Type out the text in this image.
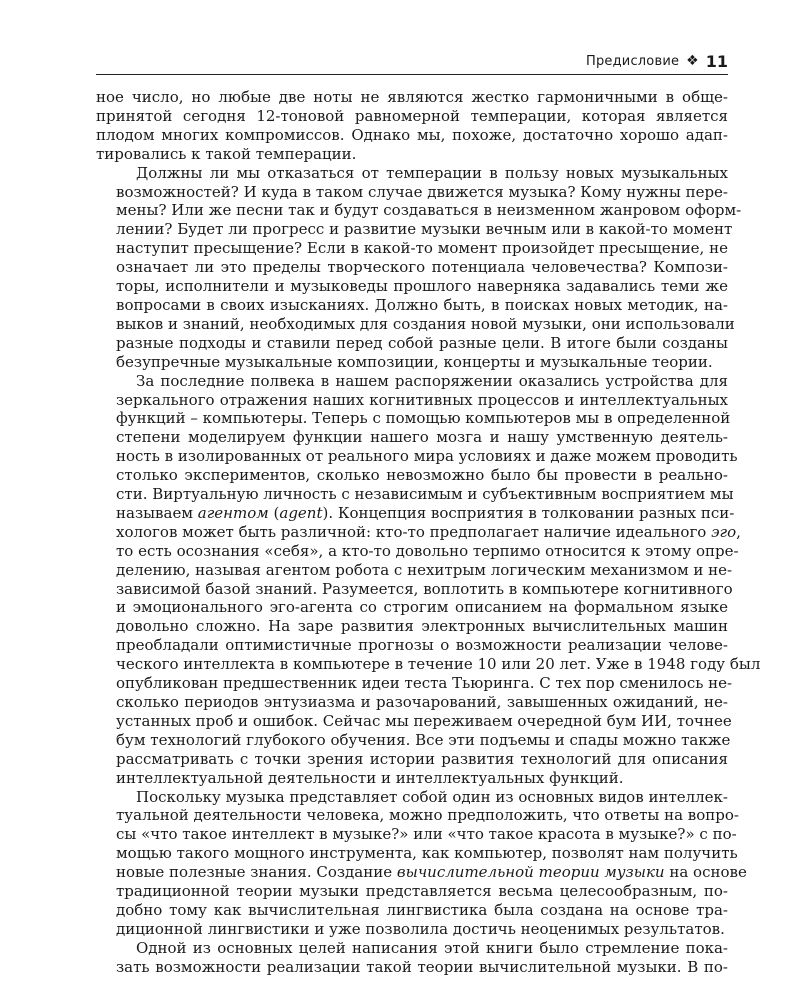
Предисловие ❖ 11

ное число, но любые две ноты не являются жестко гармоничными в обще-
принятой сегодня 12-тоновой равномерной темперации, которая является
плодом многих компромиссов. Однако мы, похоже, достаточно хорошо адап-
тировались к такой темперации.

Должны ли мы отказаться от темперации в пользу новых музыкальных
возможностей? И куда в таком случае движется музыка? Кому нужны пере-
мены? Или же песни так и будут создаваться в неизменном жанровом оформ-
лении? Будет ли прогресс и развитие музыки вечным или в какой-то момент
наступит пресыщение? Если в какой-то момент произойдет пресыщение, не
означает ли это пределы творческого потенциала человечества? Компози-
торы, исполнители и музыковеды прошлого наверняка задавались теми же
вопросами в своих изысканиях. Должно быть, в поисках новых методик, на-
выков и знаний, необходимых для создания новой музыки, они использовали
разные подходы и ставили перед собой разные цели. В итоге были созданы
безупречные музыкальные композиции, концерты и музыкальные теории.

За последние полвека в нашем распоряжении оказались устройства для
зеркального отражения наших когнитивных процессов и интеллектуальных
функций – компьютеры. Теперь с помощью компьютеров мы в определенной
степени моделируем функции нашего мозга и нашу умственную деятель-
ность в изолированных от реального мира условиях и даже можем проводить
столько экспериментов, сколько невозможно было бы провести в реально-
сти. Виртуальную личность с независимым и субъективным восприятием мы
называем агентом (agent). Концепция восприятия в толковании разных пси-
хологов может быть различной: кто-то предполагает наличие идеального эго,
то есть осознания «себя», а кто-то довольно терпимо относится к этому опре-
делению, называя агентом робота с нехитрым логическим механизмом и не-
зависимой базой знаний. Разумеется, воплотить в компьютере когнитивного
и эмоционального эго-агента со строгим описанием на формальном языке
довольно сложно. На заре развития электронных вычислительных машин
преобладали оптимистичные прогнозы о возможности реализации челове-
ческого интеллекта в компьютере в течение 10 или 20 лет. Уже в 1948 году был
опубликован предшественник идеи теста Тьюринга. С тех пор сменилось не-
сколько периодов энтузиазма и разочарований, завышенных ожиданий, не-
устанных проб и ошибок. Сейчас мы переживаем очередной бум ИИ, точнее
бум технологий глубокого обучения. Все эти подъемы и спады можно также
рассматривать с точки зрения истории развития технологий для описания
интеллектуальной деятельности и интеллектуальных функций.

Поскольку музыка представляет собой один из основных видов интеллек-
туальной деятельности человека, можно предположить, что ответы на вопро-
сы «что такое интеллект в музыке?» или «что такое красота в музыке?» с по-
мощью такого мощного инструмента, как компьютер, позволят нам получить
новые полезные знания. Создание вычислительной теории музыки на основе
традиционной теории музыки представляется весьма целесообразным, по-
добно тому как вычислительная лингвистика была создана на основе тра-
диционной лингвистики и уже позволила достичь неоценимых результатов.

Одной из основных целей написания этой книги было стремление пока-
зать возможности реализации такой теории вычислительной музыки. В по-
